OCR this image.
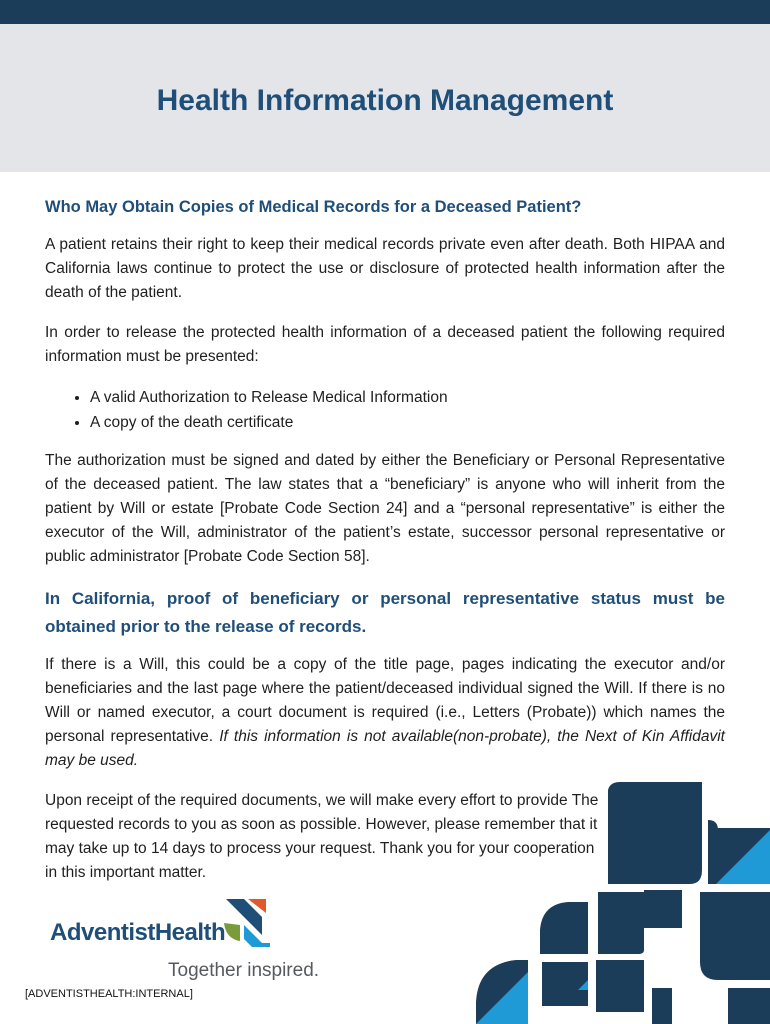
Health Information Management
Who May Obtain Copies of Medical Records for a Deceased Patient?

A patient retains their right to keep their medical records private even after death. Both HIPAA and California laws continue to protect the use or disclosure of protected health information after the death of the patient.

In order to release the protected health information of a deceased patient the following required information must be presented:

• A valid Authorization to Release Medical Information
• A copy of the death certificate

The authorization must be signed and dated by either the Beneficiary or Personal Representative of the deceased patient. The law states that a “beneficiary” is anyone who will inherit from the patient by Will or estate [Probate Code Section 24] and a “personal representative” is either the executor of the Will, administrator of the patient’s estate, successor personal representative or public administrator [Probate Code Section 58].

In California, proof of beneficiary or personal representative status must be obtained prior to the release of records.

If there is a Will, this could be a copy of the title page, pages indicating the executor and/or beneficiaries and the last page where the patient/deceased individual signed the Will. If there is no Will or named executor, a court document is required (i.e., Letters (Probate)) which names the personal representative. If this information is not available(non-probate), the Next of Kin Affidavit may be used.

Upon receipt of the required documents, we will make every effort to provide The requested records to you as soon as possible. However, please remember that it may take up to 14 days to process your request. Thank you for your cooperation in this important matter.

AdventistHealth
Together inspired.
[ADVENTISTHEALTH:INTERNAL]
